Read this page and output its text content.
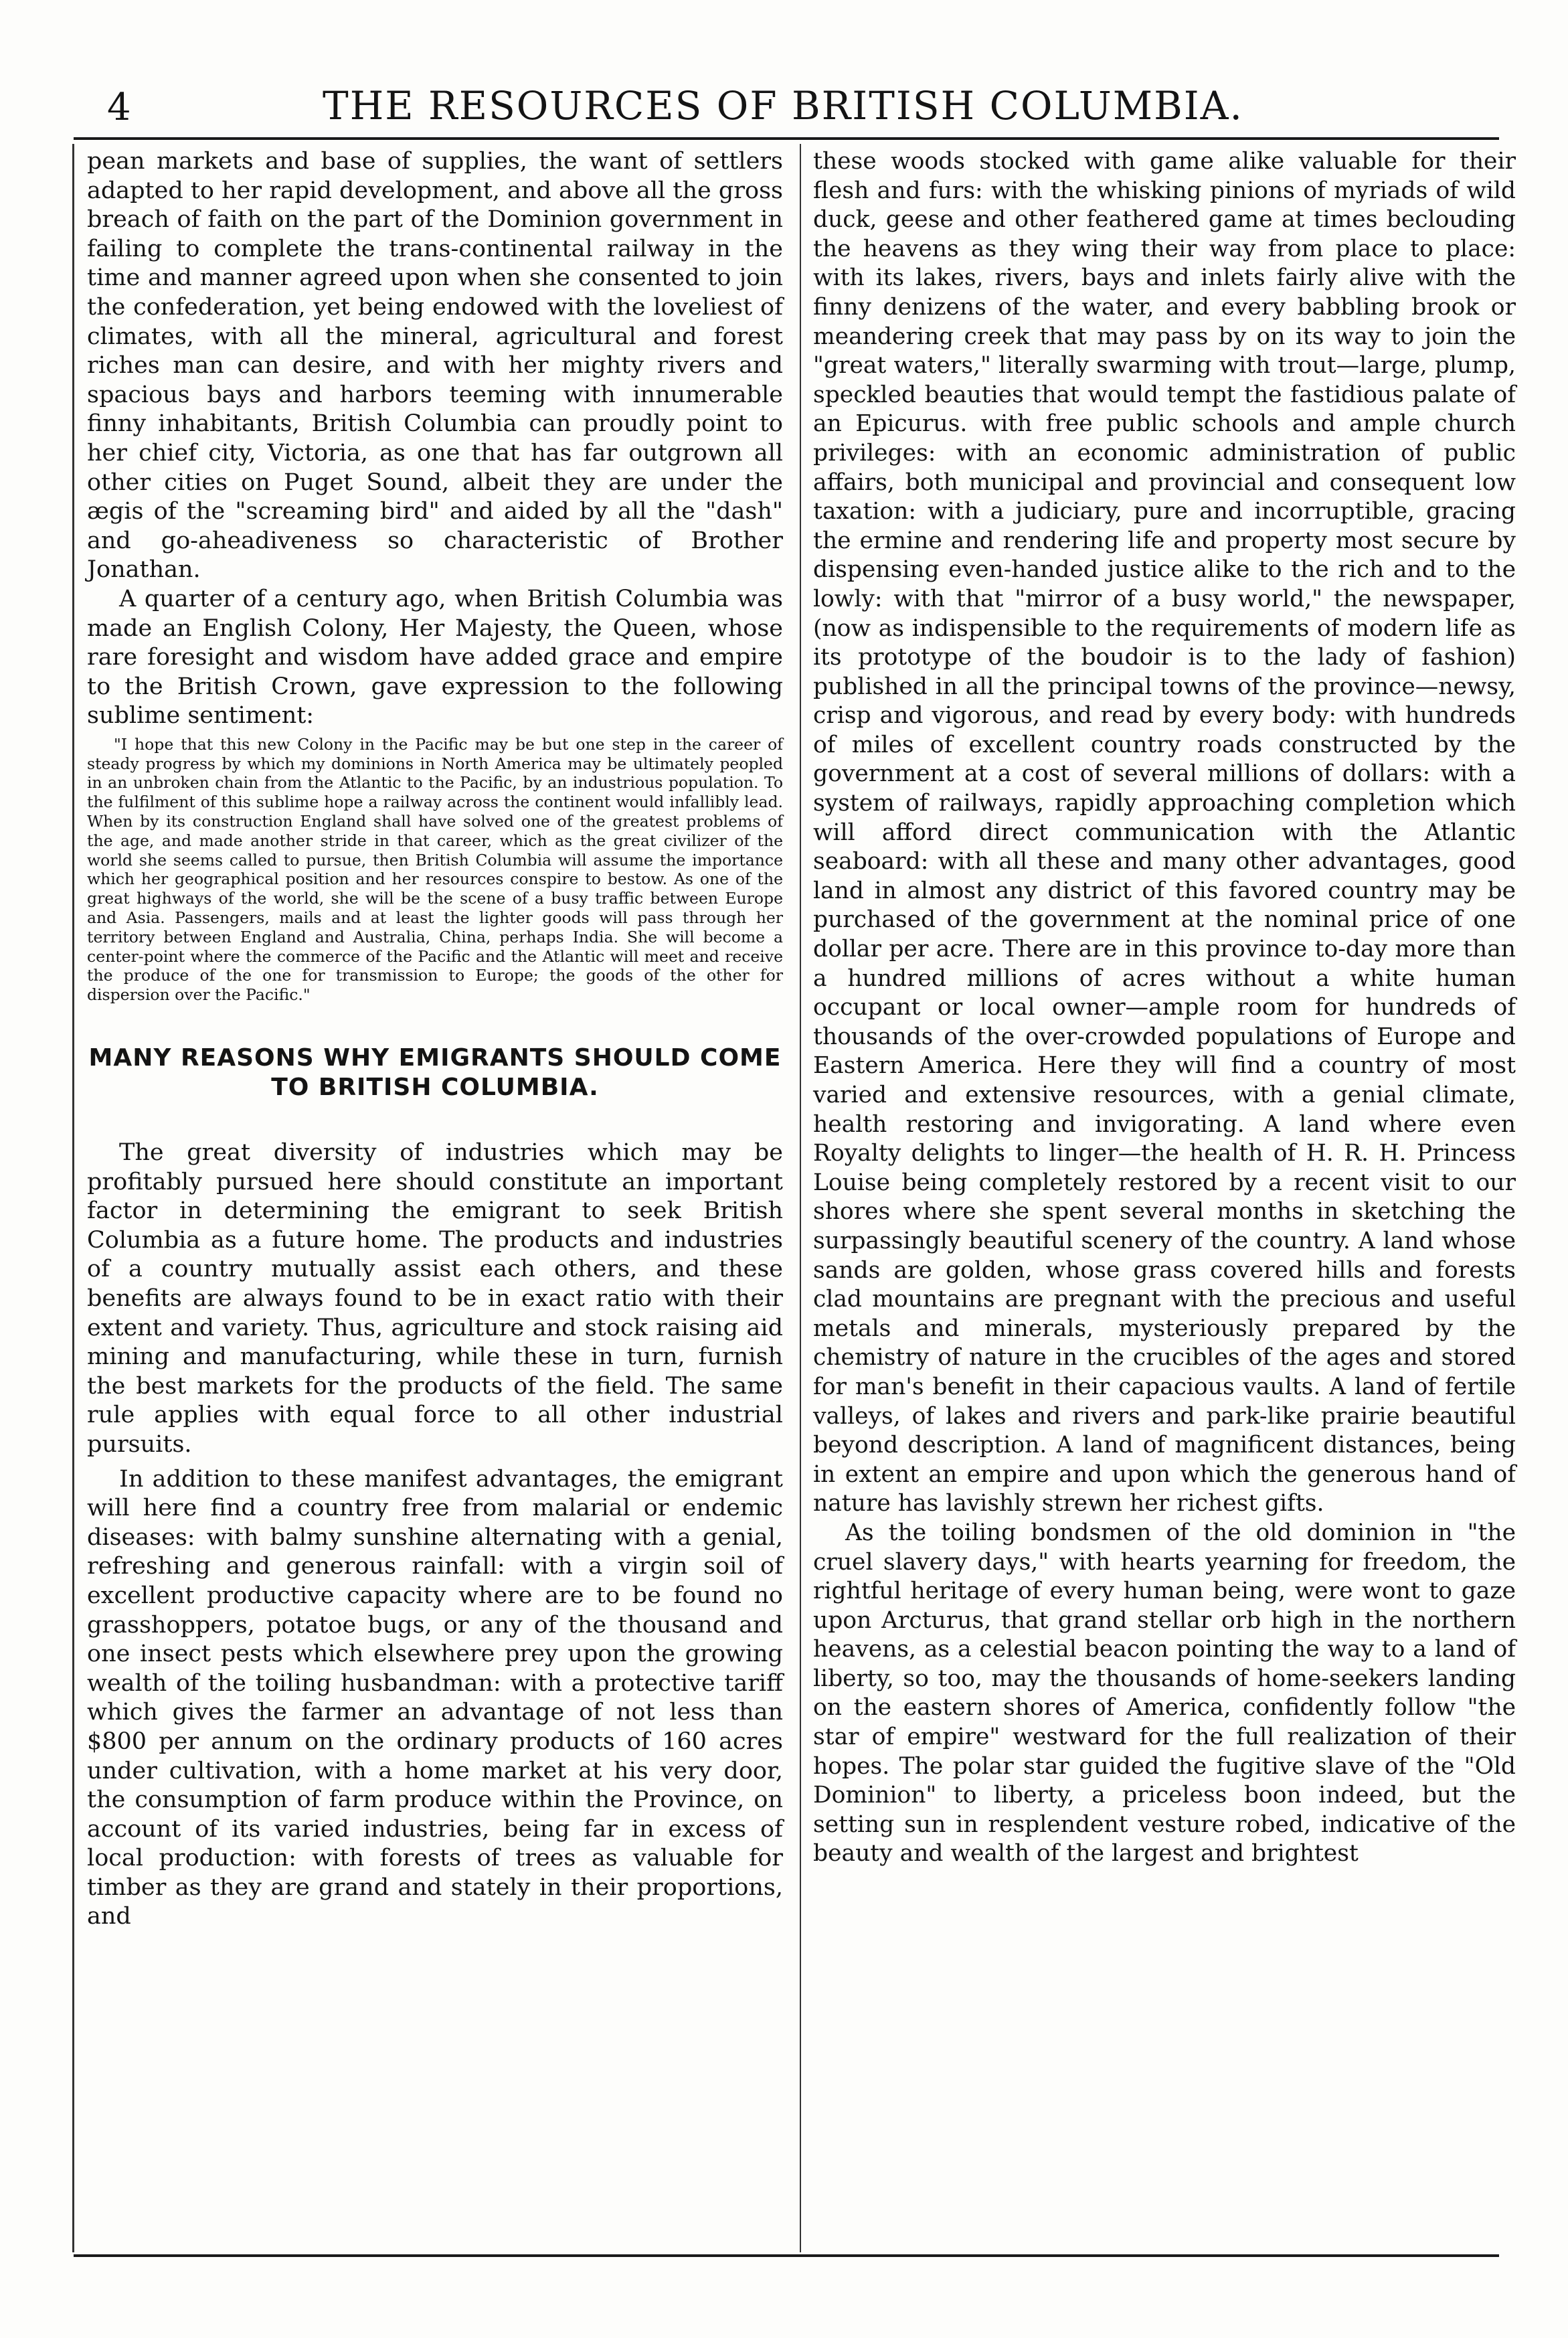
4	THE RESOURCES OF BRITISH COLUMBIA.

pean markets and base of supplies, the want of settlers adapted to her rapid development, and above all the gross breach of faith on the part of the Dominion government in failing to complete the trans-continental railway in the time and manner agreed upon when she consented to join the confederation, yet being endowed with the loveliest of climates, with all the mineral, agricultural and forest riches man can desire, and with her mighty rivers and spacious bays and harbors teeming with innumerable finny inhabitants, British Columbia can proudly point to her chief city, Victoria, as one that has far outgrown all other cities on Puget Sound, albeit they are under the ægis of the "screaming bird" and aided by all the "dash" and go-aheadiveness so characteristic of Brother Jonathan.

A quarter of a century ago, when British Columbia was made an English Colony, Her Majesty, the Queen, whose rare foresight and wisdom have added grace and empire to the British Crown, gave expression to the following sublime sentiment:

"I hope that this new Colony in the Pacific may be but one step in the career of steady progress by which my dominions in North America may be ultimately peopled in an unbroken chain from the Atlantic to the Pacific, by an industrious population. To the fulfilment of this sublime hope a railway across the continent would infallibly lead. When by its construction England shall have solved one of the greatest problems of the age, and made another stride in that career, which as the great civilizer of the world she seems called to pursue, then British Columbia will assume the importance which her geographical position and her resources conspire to bestow. As one of the great highways of the world, she will be the scene of a busy traffic between Europe and Asia. Passengers, mails and at least the lighter goods will pass through her territory between England and Australia, China, perhaps India. She will become a center-point where the commerce of the Pacific and the Atlantic will meet and receive the produce of the one for transmission to Europe; the goods of the other for dispersion over the Pacific."

MANY REASONS WHY EMIGRANTS SHOULD COME TO BRITISH COLUMBIA.

The great diversity of industries which may be profitably pursued here should constitute an important factor in determining the emigrant to seek British Columbia as a future home. The products and industries of a country mutually assist each others, and these benefits are always found to be in exact ratio with their extent and variety. Thus, agriculture and stock raising aid mining and manufacturing, while these in turn, furnish the best markets for the products of the field. The same rule applies with equal force to all other industrial pursuits.

In addition to these manifest advantages, the emigrant will here find a country free from malarial or endemic diseases: with balmy sunshine alternating with a genial, refreshing and generous rainfall: with a virgin soil of excellent productive capacity where are to be found no grasshoppers, potatoe bugs, or any of the thousand and one insect pests which elsewhere prey upon the growing wealth of the toiling husbandman: with a protective tariff which gives the farmer an advantage of not less than $800 per annum on the ordinary products of 160 acres under cultivation, with a home market at his very door, the consumption of farm produce within the Province, on account of its varied industries, being far in excess of local production: with forests of trees as valuable for timber as they are grand and stately in their proportions, and

these woods stocked with game alike valuable for their flesh and furs: with the whisking pinions of myriads of wild duck, geese and other feathered game at times beclouding the heavens as they wing their way from place to place: with its lakes, rivers, bays and inlets fairly alive with the finny denizens of the water, and every babbling brook or meandering creek that may pass by on its way to join the "great waters," literally swarming with trout—large, plump, speckled beauties that would tempt the fastidious palate of an Epicurus. with free public schools and ample church privileges: with an economic administration of public affairs, both municipal and provincial and consequent low taxation: with a judiciary, pure and incorruptible, gracing the ermine and rendering life and property most secure by dispensing even-handed justice alike to the rich and to the lowly: with that "mirror of a busy world," the newspaper, (now as indispensible to the requirements of modern life as its prototype of the boudoir is to the lady of fashion) published in all the principal towns of the province—newsy, crisp and vigorous, and read by every body: with hundreds of miles of excellent country roads constructed by the government at a cost of several millions of dollars: with a system of railways, rapidly approaching completion which will afford direct communication with the Atlantic seaboard: with all these and many other advantages, good land in almost any district of this favored country may be purchased of the government at the nominal price of one dollar per acre. There are in this province to-day more than a hundred millions of acres without a white human occupant or local owner—ample room for hundreds of thousands of the over-crowded populations of Europe and Eastern America. Here they will find a country of most varied and extensive resources, with a genial climate, health restoring and invigorating. A land where even Royalty delights to linger—the health of H. R. H. Princess Louise being completely restored by a recent visit to our shores where she spent several months in sketching the surpassingly beautiful scenery of the country. A land whose sands are golden, whose grass covered hills and forests clad mountains are pregnant with the precious and useful metals and minerals, mysteriously prepared by the chemistry of nature in the crucibles of the ages and stored for man's benefit in their capacious vaults. A land of fertile valleys, of lakes and rivers and park-like prairie beautiful beyond description. A land of magnificent distances, being in extent an empire and upon which the generous hand of nature has lavishly strewn her richest gifts.

As the toiling bondsmen of the old dominion in "the cruel slavery days," with hearts yearning for freedom, the rightful heritage of every human being, were wont to gaze upon Arcturus, that grand stellar orb high in the northern heavens, as a celestial beacon pointing the way to a land of liberty, so too, may the thousands of home-seekers landing on the eastern shores of America, confidently follow "the star of empire" westward for the full realization of their hopes. The polar star guided the fugitive slave of the "Old Dominion" to liberty, a priceless boon indeed, but the setting sun in resplendent vesture robed, indicative of the beauty and wealth of the largest and brightest
